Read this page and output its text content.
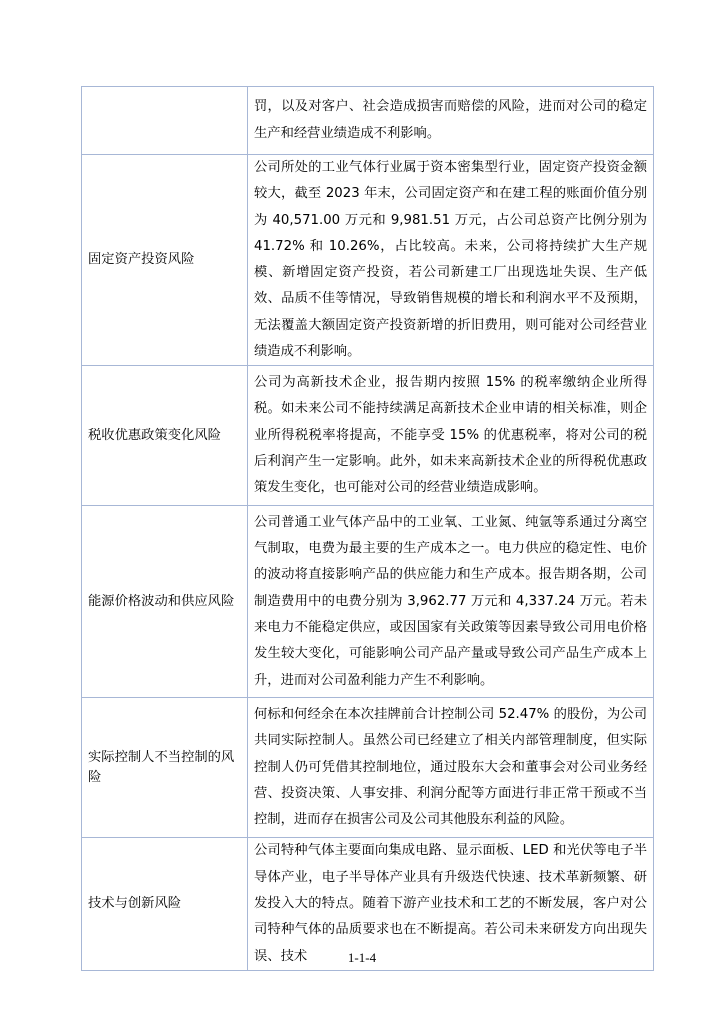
	罚，以及对客户、社会造成损害而赔偿的风险，进而对公司的稳定生产和经营业绩造成不利影响。

固定资产投资风险	公司所处的工业气体行业属于资本密集型行业，固定资产投资金额较大，截至 2023 年末，公司固定资产和在建工程的账面价值分别为 40,571.00 万元和 9,981.51 万元，占公司总资产比例分别为 41.72% 和 10.26%，占比较高。未来，公司将持续扩大生产规模、新增固定资产投资，若公司新建工厂出现选址失误、生产低效、品质不佳等情况，导致销售规模的增长和利润水平不及预期，无法覆盖大额固定资产投资新增的折旧费用，则可能对公司经营业绩造成不利影响。

税收优惠政策变化风险	公司为高新技术企业，报告期内按照 15% 的税率缴纳企业所得税。如未来公司不能持续满足高新技术企业申请的相关标准，则企业所得税税率将提高，不能享受 15% 的优惠税率，将对公司的税后利润产生一定影响。此外，如未来高新技术企业的所得税优惠政策发生变化，也可能对公司的经营业绩造成影响。

能源价格波动和供应风险	公司普通工业气体产品中的工业氧、工业氮、纯氩等系通过分离空气制取，电费为最主要的生产成本之一。电力供应的稳定性、电价的波动将直接影响产品的供应能力和生产成本。报告期各期，公司制造费用中的电费分别为 3,962.77 万元和 4,337.24 万元。若未来电力不能稳定供应，或因国家有关政策等因素导致公司用电价格发生较大变化，可能影响公司产品产量或导致公司产品生产成本上升，进而对公司盈利能力产生不利影响。

实际控制人不当控制的风险	何标和何经余在本次挂牌前合计控制公司 52.47% 的股份，为公司共同实际控制人。虽然公司已经建立了相关内部管理制度，但实际控制人仍可凭借其控制地位，通过股东大会和董事会对公司业务经营、投资决策、人事安排、利润分配等方面进行非正常干预或不当控制，进而存在损害公司及公司其他股东利益的风险。

技术与创新风险	公司特种气体主要面向集成电路、显示面板、LED 和光伏等电子半导体产业，电子半导体产业具有升级迭代快速、技术革新频繁、研发投入大的特点。随着下游产业技术和工艺的不断发展，客户对公司特种气体的品质要求也在不断提高。若公司未来研发方向出现失误、技术	1-1-4
